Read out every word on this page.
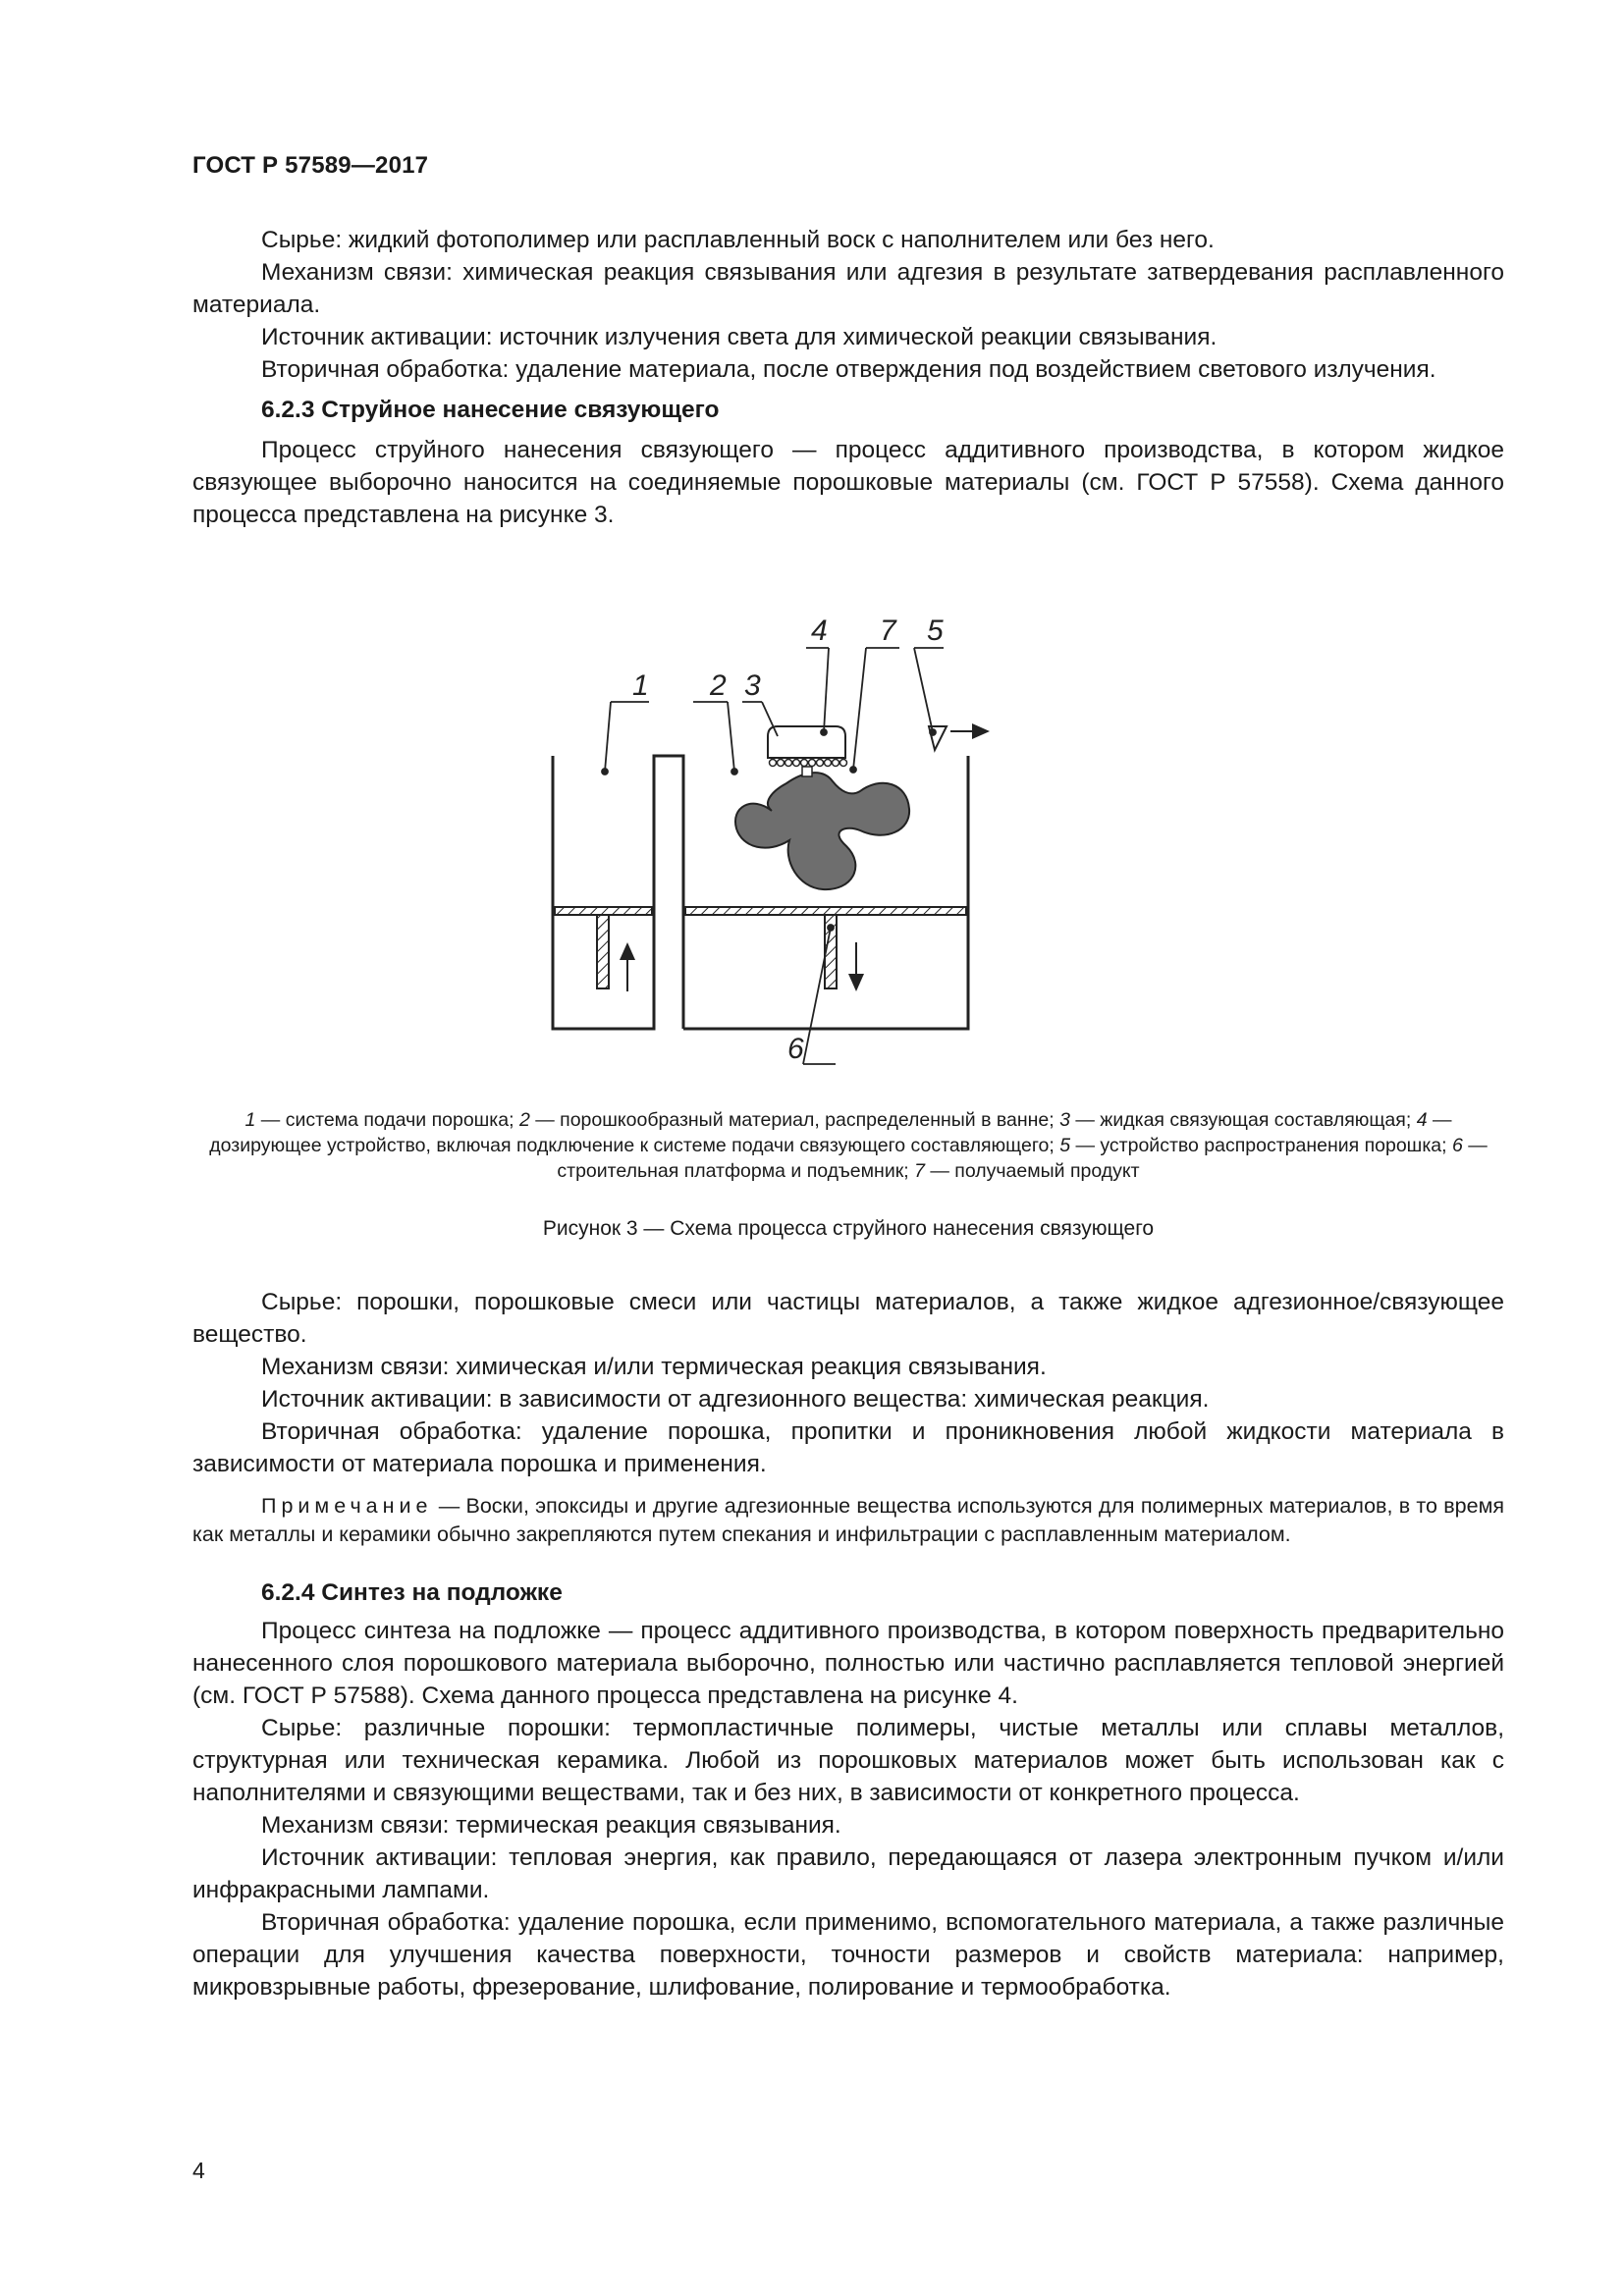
ГОСТ Р 57589—2017

Сырье: жидкий фотополимер или расплавленный воск с наполнителем или без него.

Механизм связи: химическая реакция связывания или адгезия в результате затвердевания расплавленного материала.

Источник активации: источник излучения света для химической реакции связывания.

Вторичная обработка: удаление материала, после отверждения под воздействием светового излучения.

6.2.3 Струйное нанесение связующего

Процесс струйного нанесения связующего — процесс аддитивного производства, в котором жидкое связующее выборочно наносится на соединяемые порошковые материалы (см. ГОСТ Р 57558). Схема данного процесса представлена на рисунке 3.

1 2 3
4 7 5
6
1 — система подачи порошка; 2 — порошкообразный материал, распределенный в ванне; 3 — жидкая связующая составляющая; 4 — дозирующее устройство, включая подключение к системе подачи связующего составляющего; 5 — устройство распространения порошка; 6 — строительная платформа и подъемник; 7 — получаемый продукт
Рисунок 3 — Схема процесса струйного нанесения связующего

Сырье: порошки, порошковые смеси или частицы материалов, а также жидкое адгезионное/связующее вещество.

Механизм связи: химическая и/или термическая реакция связывания.

Источник активации: в зависимости от адгезионного вещества: химическая реакция.

Вторичная обработка: удаление порошка, пропитки и проникновения любой жидкости материала в зависимости от материала порошка и применения.

Примечание — Воски, эпоксиды и другие адгезионные вещества используются для полимерных материалов, в то время как металлы и керамики обычно закрепляются путем спекания и инфильтрации с расплавленным материалом.

6.2.4 Синтез на подложке

Процесс синтеза на подложке — процесс аддитивного производства, в котором поверхность предварительно нанесенного слоя порошкового материала выборочно, полностью или частично расплавляется тепловой энергией (см. ГОСТ Р 57588). Схема данного процесса представлена на рисунке 4.

Сырье: различные порошки: термопластичные полимеры, чистые металлы или сплавы металлов, структурная или техническая керамика. Любой из порошковых материалов может быть использован как с наполнителями и связующими веществами, так и без них, в зависимости от конкретного процесса.

Механизм связи: термическая реакция связывания.

Источник активации: тепловая энергия, как правило, передающаяся от лазера электронным пучком и/или инфракрасными лампами.

Вторичная обработка: удаление порошка, если применимо, вспомогательного материала, а также различные операции для улучшения качества поверхности, точности размеров и свойств материала: например, микровзрывные работы, фрезерование, шлифование, полирование и термообработка.

4
